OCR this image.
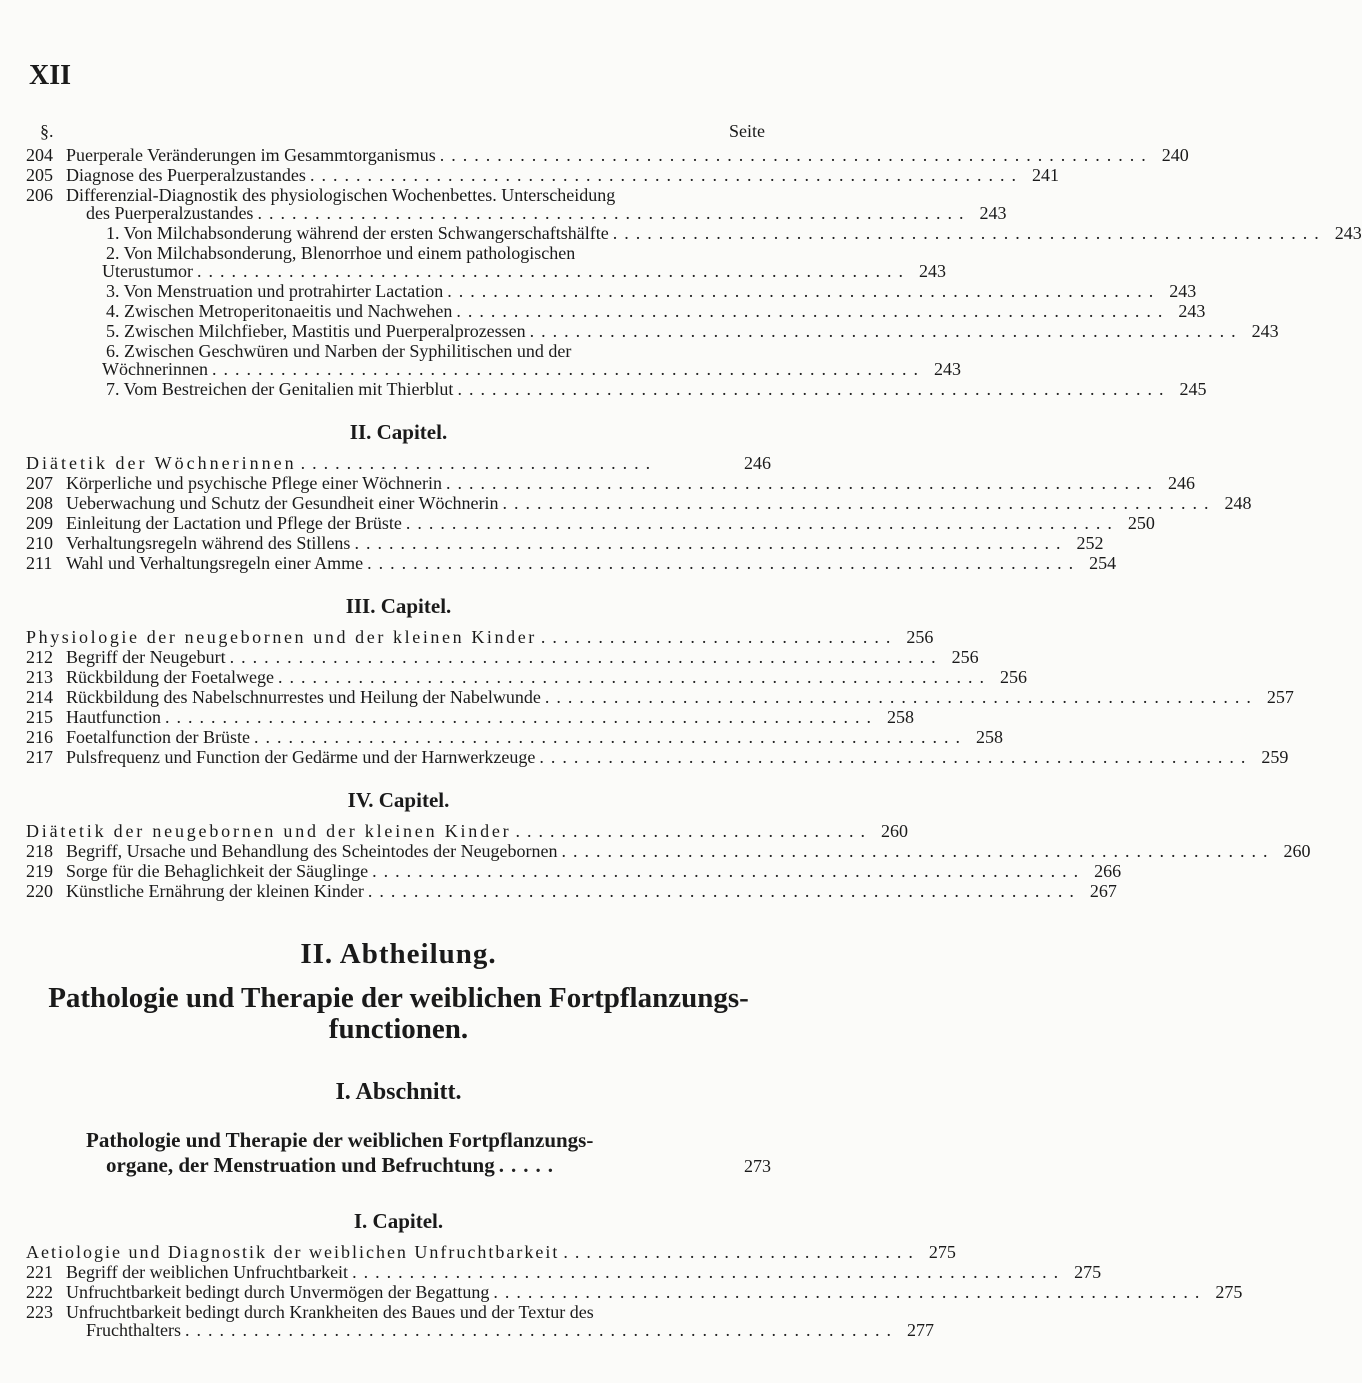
XII
§.	Seite
204 Puerperale Veränderungen im Gesammtorganismus .............................................................. 240
205 Diagnose des Puerperalzustandes .............................................................. 241
206 Differenzial-Diagnostik des physiologischen Wochenbettes. Unterscheidung
des Puerperalzustandes .............................................................. 243
1. Von Milchabsonderung während der ersten Schwangerschaftshälfte .............................................................. 243
2. Von Milchabsonderung, Blenorrhoe und einem pathologischen
Uterustumor .............................................................. 243
3. Von Menstruation und protrahirter Lactation .............................................................. 243
4. Zwischen Metroperitonaeitis und Nachwehen .............................................................. 243
5. Zwischen Milchfieber, Mastitis und Puerperalprozessen .............................................................. 243
6. Zwischen Geschwüren und Narben der Syphilitischen und der
Wöchnerinnen .............................................................. 243
7. Vom Bestreichen der Genitalien mit Thierblut .............................................................. 245
II. Capitel.
Diätetik der Wöchnerinnen ...............................	246
207 Körperliche und psychische Pflege einer Wöchnerin .............................................................. 246
208 Ueberwachung und Schutz der Gesundheit einer Wöchnerin .............................................................. 248
209 Einleitung der Lactation und Pflege der Brüste .............................................................. 250
210 Verhaltungsregeln während des Stillens .............................................................. 252
211 Wahl und Verhaltungsregeln einer Amme .............................................................. 254
III. Capitel.
Physiologie der neugebornen und der kleinen Kinder ............................... 256
212 Begriff der Neugeburt .............................................................. 256
213 Rückbildung der Foetalwege .............................................................. 256
214 Rückbildung des Nabelschnurrestes und Heilung der Nabelwunde .............................................................. 257
215 Hautfunction .............................................................. 258
216 Foetalfunction der Brüste .............................................................. 258
217 Pulsfrequenz und Function der Gedärme und der Harnwerkzeuge .............................................................. 259
IV. Capitel.
Diätetik der neugebornen und der kleinen Kinder ............................... 260
218 Begriff, Ursache und Behandlung des Scheintodes der Neugebornen .............................................................. 260
219 Sorge für die Behaglichkeit der Säuglinge .............................................................. 266
220 Künstliche Ernährung der kleinen Kinder .............................................................. 267
II. Abtheilung.
Pathologie und Therapie der weiblichen Fortpflanzungs-
functionen.
I. Abschnitt.
Pathologie und Therapie der weiblichen Fortpflanzungs-
organe, der Menstruation und Befruchtung .....	273
I. Capitel.
Aetiologie und Diagnostik der weiblichen Unfruchtbarkeit ............................... 275
221 Begriff der weiblichen Unfruchtbarkeit .............................................................. 275
222 Unfruchtbarkeit bedingt durch Unvermögen der Begattung .............................................................. 275
223 Unfruchtbarkeit bedingt durch Krankheiten des Baues und der Textur des
Fruchthalters .............................................................. 277
